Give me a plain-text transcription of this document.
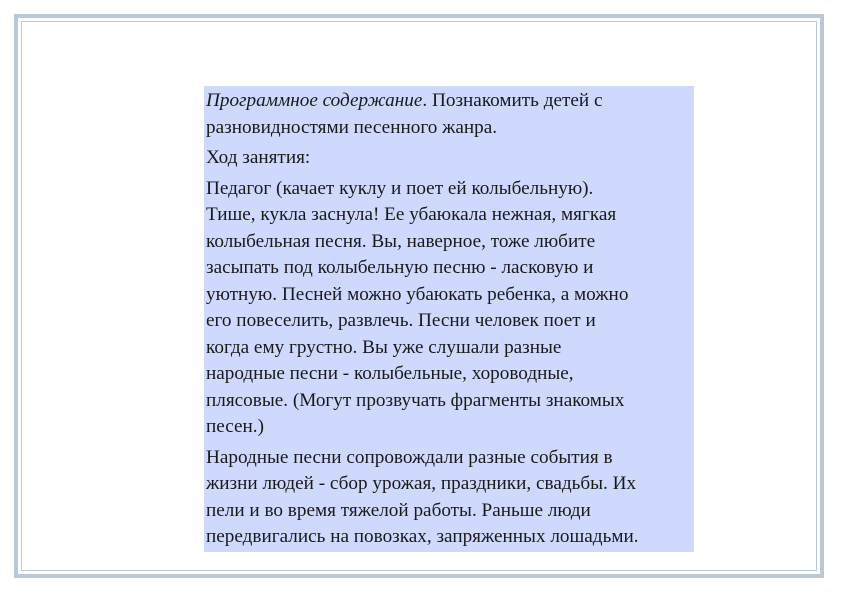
Программное содержание. Познакомить детей с
разновидностями песенного жанра.

Ход занятия:

Педагог (качает куклу и поет ей колыбельную).
Тише, кукла заснула! Ее убаюкала нежная, мягкая
колыбельная песня. Вы, наверное, тоже любите
засыпать под колыбельную песню - ласковую и
уютную. Песней можно убаюкать ребенка, а можно
его повеселить, развлечь. Песни человек поет и
когда ему грустно. Вы уже слушали разные
народные песни - колыбельные, хороводные,
плясовые. (Могут прозвучать фрагменты знакомых
песен.)

Народные песни сопровождали разные события в
жизни людей - сбор урожая, праздники, свадьбы. Их
пели и во время тяжелой работы. Раньше люди
передвигались на повозках, запряженных лошадьми.
